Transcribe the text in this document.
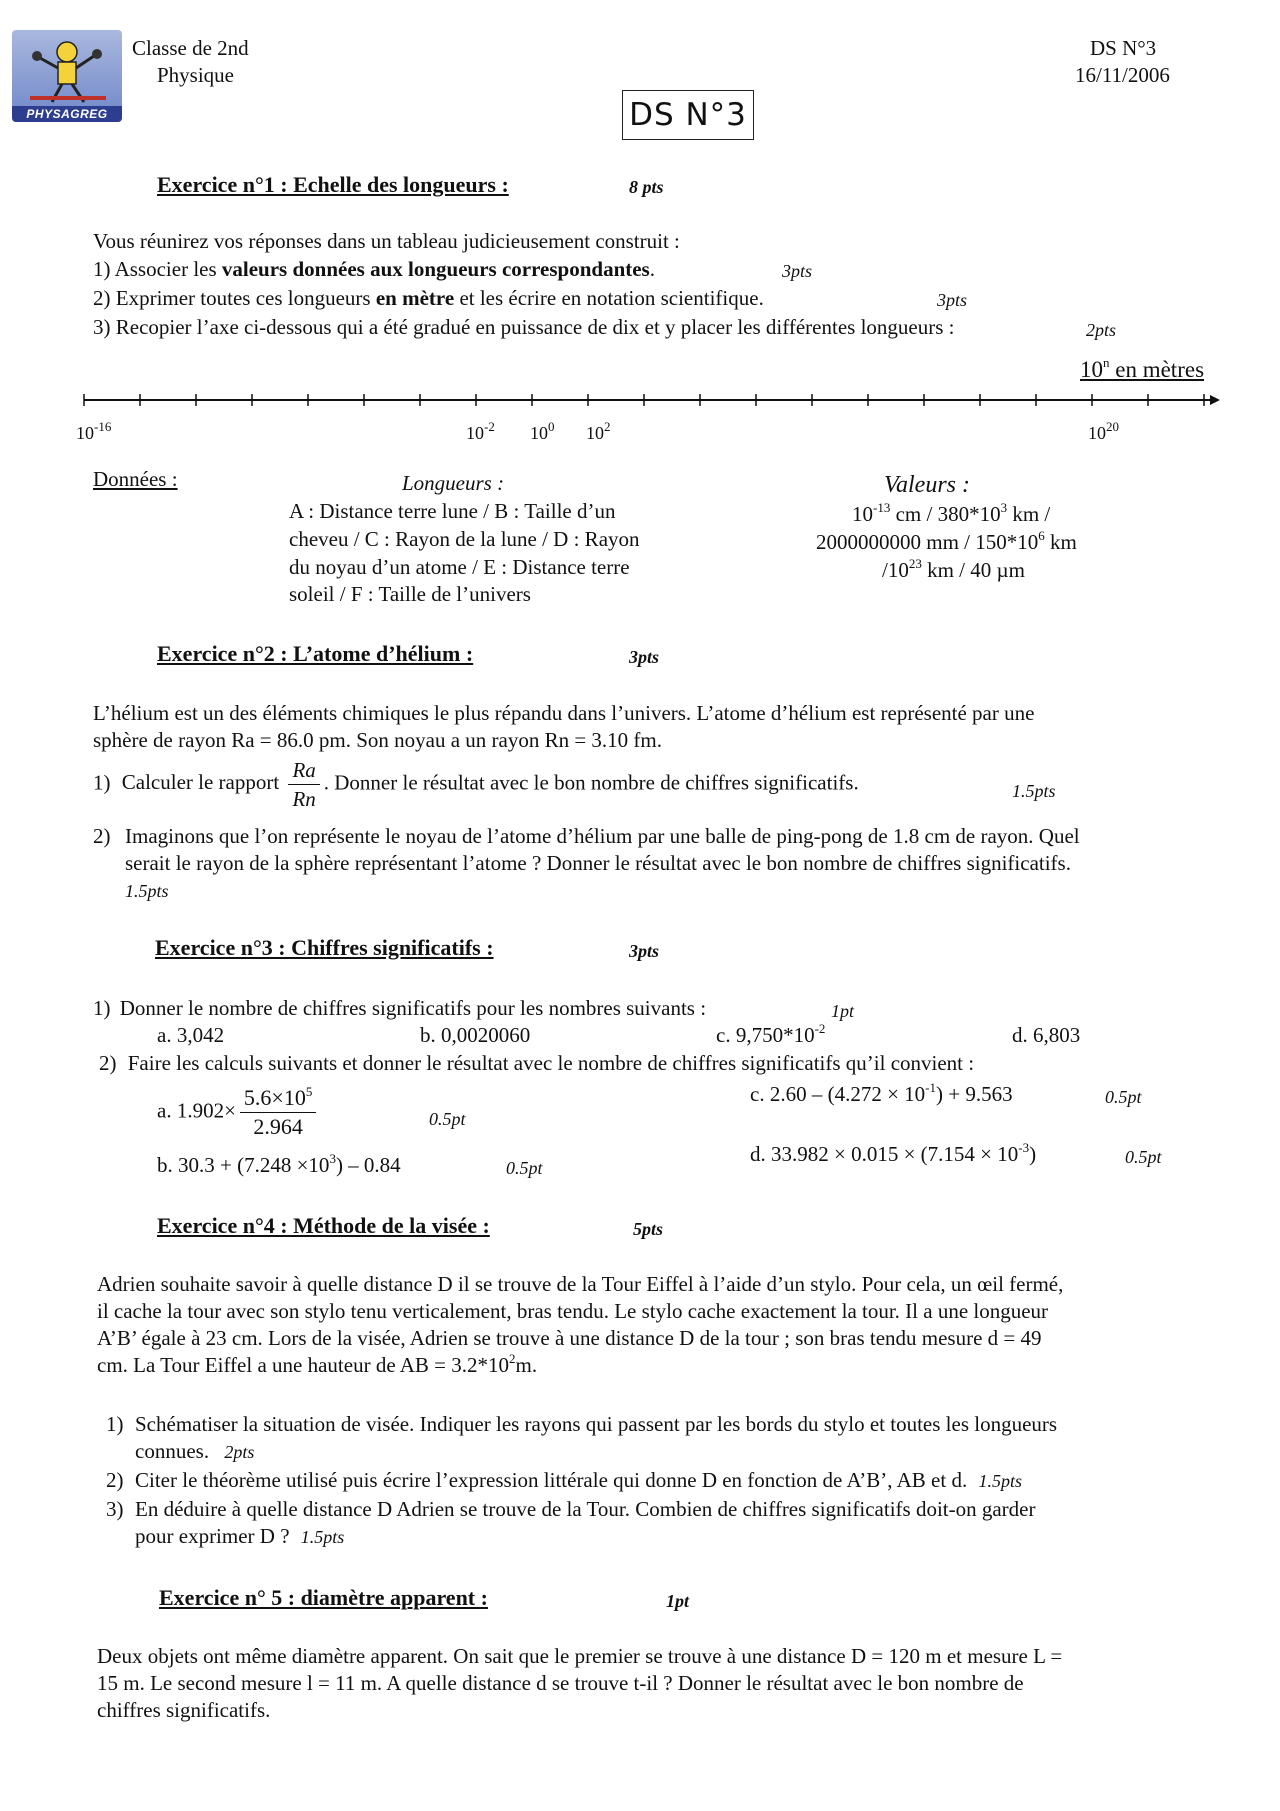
PHYSAGREG
Classe de 2nd
Physique
DS N°3
16/11/2006
DS N°3
Exercice n°1 : Echelle des longueurs :	8 pts
Vous réunirez vos réponses dans un tableau judicieusement construit :
1) Associer les valeurs données aux longueurs correspondantes.	3pts
2) Exprimer toutes ces longueurs en mètre et les écrire en notation scientifique.	3pts
3) Recopier l’axe ci-dessous qui a été gradué en puissance de dix et y placer les différentes longueurs :	2pts
10$^n$ en mètres
$10^{-16}$	$10^{-2}$ $10^0$ $10^2$	$10^{20}$
Données :	Longueurs :
A : Distance terre lune / B : Taille d’un
cheveu / C : Rayon de la lune / D : Rayon
du noyau d’un atome / E : Distance terre
soleil / F : Taille de l’univers
Valeurs :
$10^{-13}$ cm / $380*10^3$ km /
2000000000 mm / $150*10^6$ km
$/10^{23}$ km / 40 µm
Exercice n°2 : L’atome d’hélium :	3pts
L’hélium est un des éléments chimiques le plus répandu dans l’univers. L’atome d’hélium est représenté par une
sphère de rayon Ra = 86.0 pm. Son noyau a un rayon Rn = 3.10 fm.
1) Calculer le rapport $\frac{Ra}{Rn}$ . Donner le résultat avec le bon nombre de chiffres significatifs.	1.5pts
2) Imaginons que l’on représente le noyau de l’atome d’hélium par une balle de ping-pong de 1.8 cm de rayon. Quel
serait le rayon de la sphère représentant l’atome ? Donner le résultat avec le bon nombre de chiffres significatifs.
1.5pts
Exercice n°3 : Chiffres significatifs :	3pts
1) Donner le nombre de chiffres significatifs pour les nombres suivants :	1pt
a. 3,042	b. 0,0020060	c. $9,750*10^{-2}$	d. 6,803
2) Faire les calculs suivants et donner le résultat avec le nombre de chiffres significatifs qu’il convient :
a. $1.902\times \frac{5.6\times 10^5}{2.964}$	0.5pt
b. $30.3 + (7.248 \times 10^3) - 0.84$	0.5pt
c. $2.60 - (4.272 \times 10^{-1}) + 9.563$	0.5pt
d. $33.982 \times 0.015 \times (7.154 \times 10^{-3})$	0.5pt
Exercice n°4 : Méthode de la visée :	5pts
Adrien souhaite savoir à quelle distance D il se trouve de la Tour Eiffel à l’aide d’un stylo. Pour cela, un œil fermé,
il cache la tour avec son stylo tenu verticalement, bras tendu. Le stylo cache exactement la tour. Il a une longueur
A’B’ égale à 23 cm. Lors de la visée, Adrien se trouve à une distance D de la tour ; son bras tendu mesure d = 49
cm. La Tour Eiffel a une hauteur de AB = $3.2*10^2m$.
1) Schématiser la situation de visée. Indiquer les rayons qui passent par les bords du stylo et toutes les longueurs
connues. 2pts
2) Citer le théorème utilisé puis écrire l’expression littérale qui donne D en fonction de A’B’, AB et d. 1.5pts
3) En déduire à quelle distance D Adrien se trouve de la Tour. Combien de chiffres significatifs doit-on garder
pour exprimer D ? 1.5pts
Exercice n° 5 : diamètre apparent :	1pt
Deux objets ont même diamètre apparent. On sait que le premier se trouve à une distance D = 120 m et mesure L =
15 m. Le second mesure l = 11 m. A quelle distance d se trouve t-il ? Donner le résultat avec le bon nombre de
chiffres significatifs.
